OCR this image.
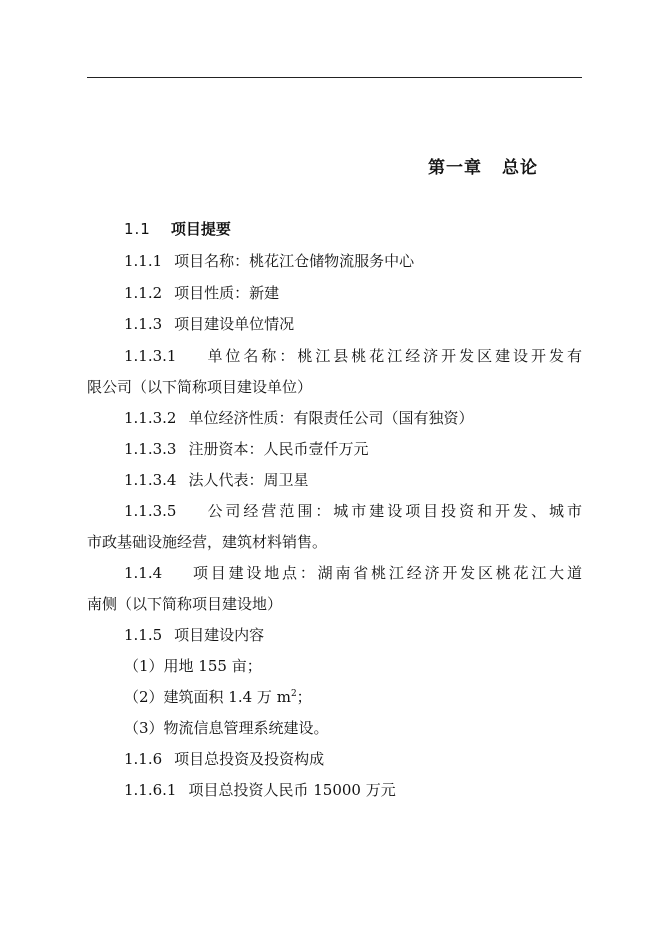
第一章 总论
1.1 项目提要
1.1.1 项目名称：桃花江仓储物流服务中心
1.1.2 项目性质：新建
1.1.3 项目建设单位情况
1.1.3.1 单位名称：桃江县桃花江经济开发区建设开发有
限公司（以下简称项目建设单位）
1.1.3.2 单位经济性质：有限责任公司（国有独资）
1.1.3.3 注册资本：人民币壹仟万元
1.1.3.4 法人代表：周卫星
1.1.3.5 公司经营范围：城市建设项目投资和开发、城市
市政基础设施经营，建筑材料销售。
1.1.4 项目建设地点：湖南省桃江经济开发区桃花江大道
南侧（以下简称项目建设地）
1.1.5 项目建设内容
（1）用地 155 亩；
（2）建筑面积 1.4 万 $m^2$；
（3）物流信息管理系统建设。
1.1.6 项目总投资及投资构成
1.1.6.1 项目总投资人民币 15000 万元
